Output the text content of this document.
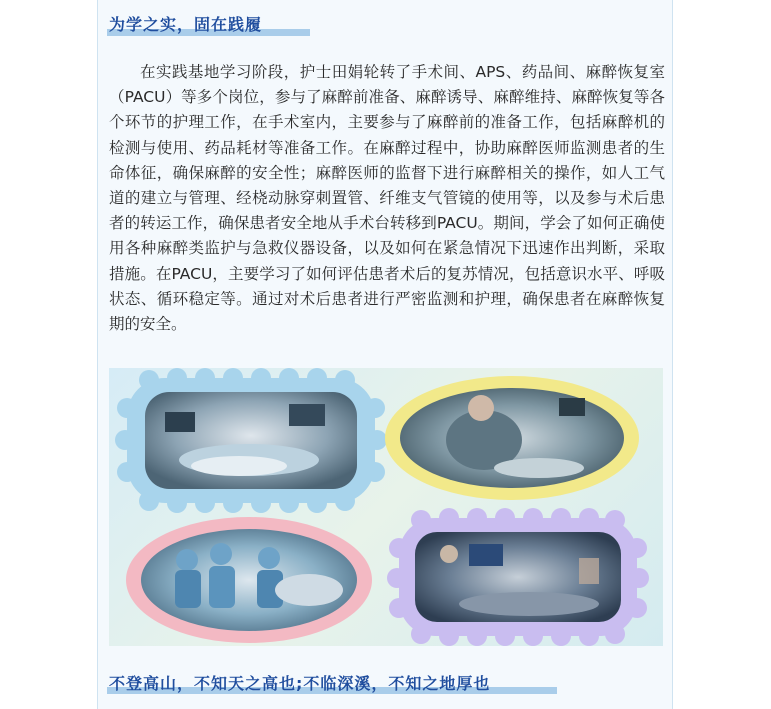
为学之实，固在践履

在实践基地学习阶段，护士田娟轮转了手术间、APS、药品间、麻醉恢复室（PACU）等多个岗位，参与了麻醉前准备、麻醉诱导、麻醉维持、麻醉恢复等各个环节的护理工作，在手术室内，主要参与了麻醉前的准备工作，包括麻醉机的检测与使用、药品耗材等准备工作。在麻醉过程中，协助麻醉医师监测患者的生命体征，确保麻醉的安全性；麻醉医师的监督下进行麻醉相关的操作，如人工气道的建立与管理、经桡动脉穿刺置管、纤维支气管镜的使用等，以及参与术后患者的转运工作，确保患者安全地从手术台转移到PACU。期间，学会了如何正确使用各种麻醉类监护与急救仪器设备，以及如何在紧急情况下迅速作出判断，采取措施。在PACU，主要学习了如何评估患者术后的复苏情况，包括意识水平、呼吸状态、循环稳定等。通过对术后患者进行严密监测和护理，确保患者在麻醉恢复期的安全。

不登高山，不知天之高也;不临深溪，不知之地厚也
